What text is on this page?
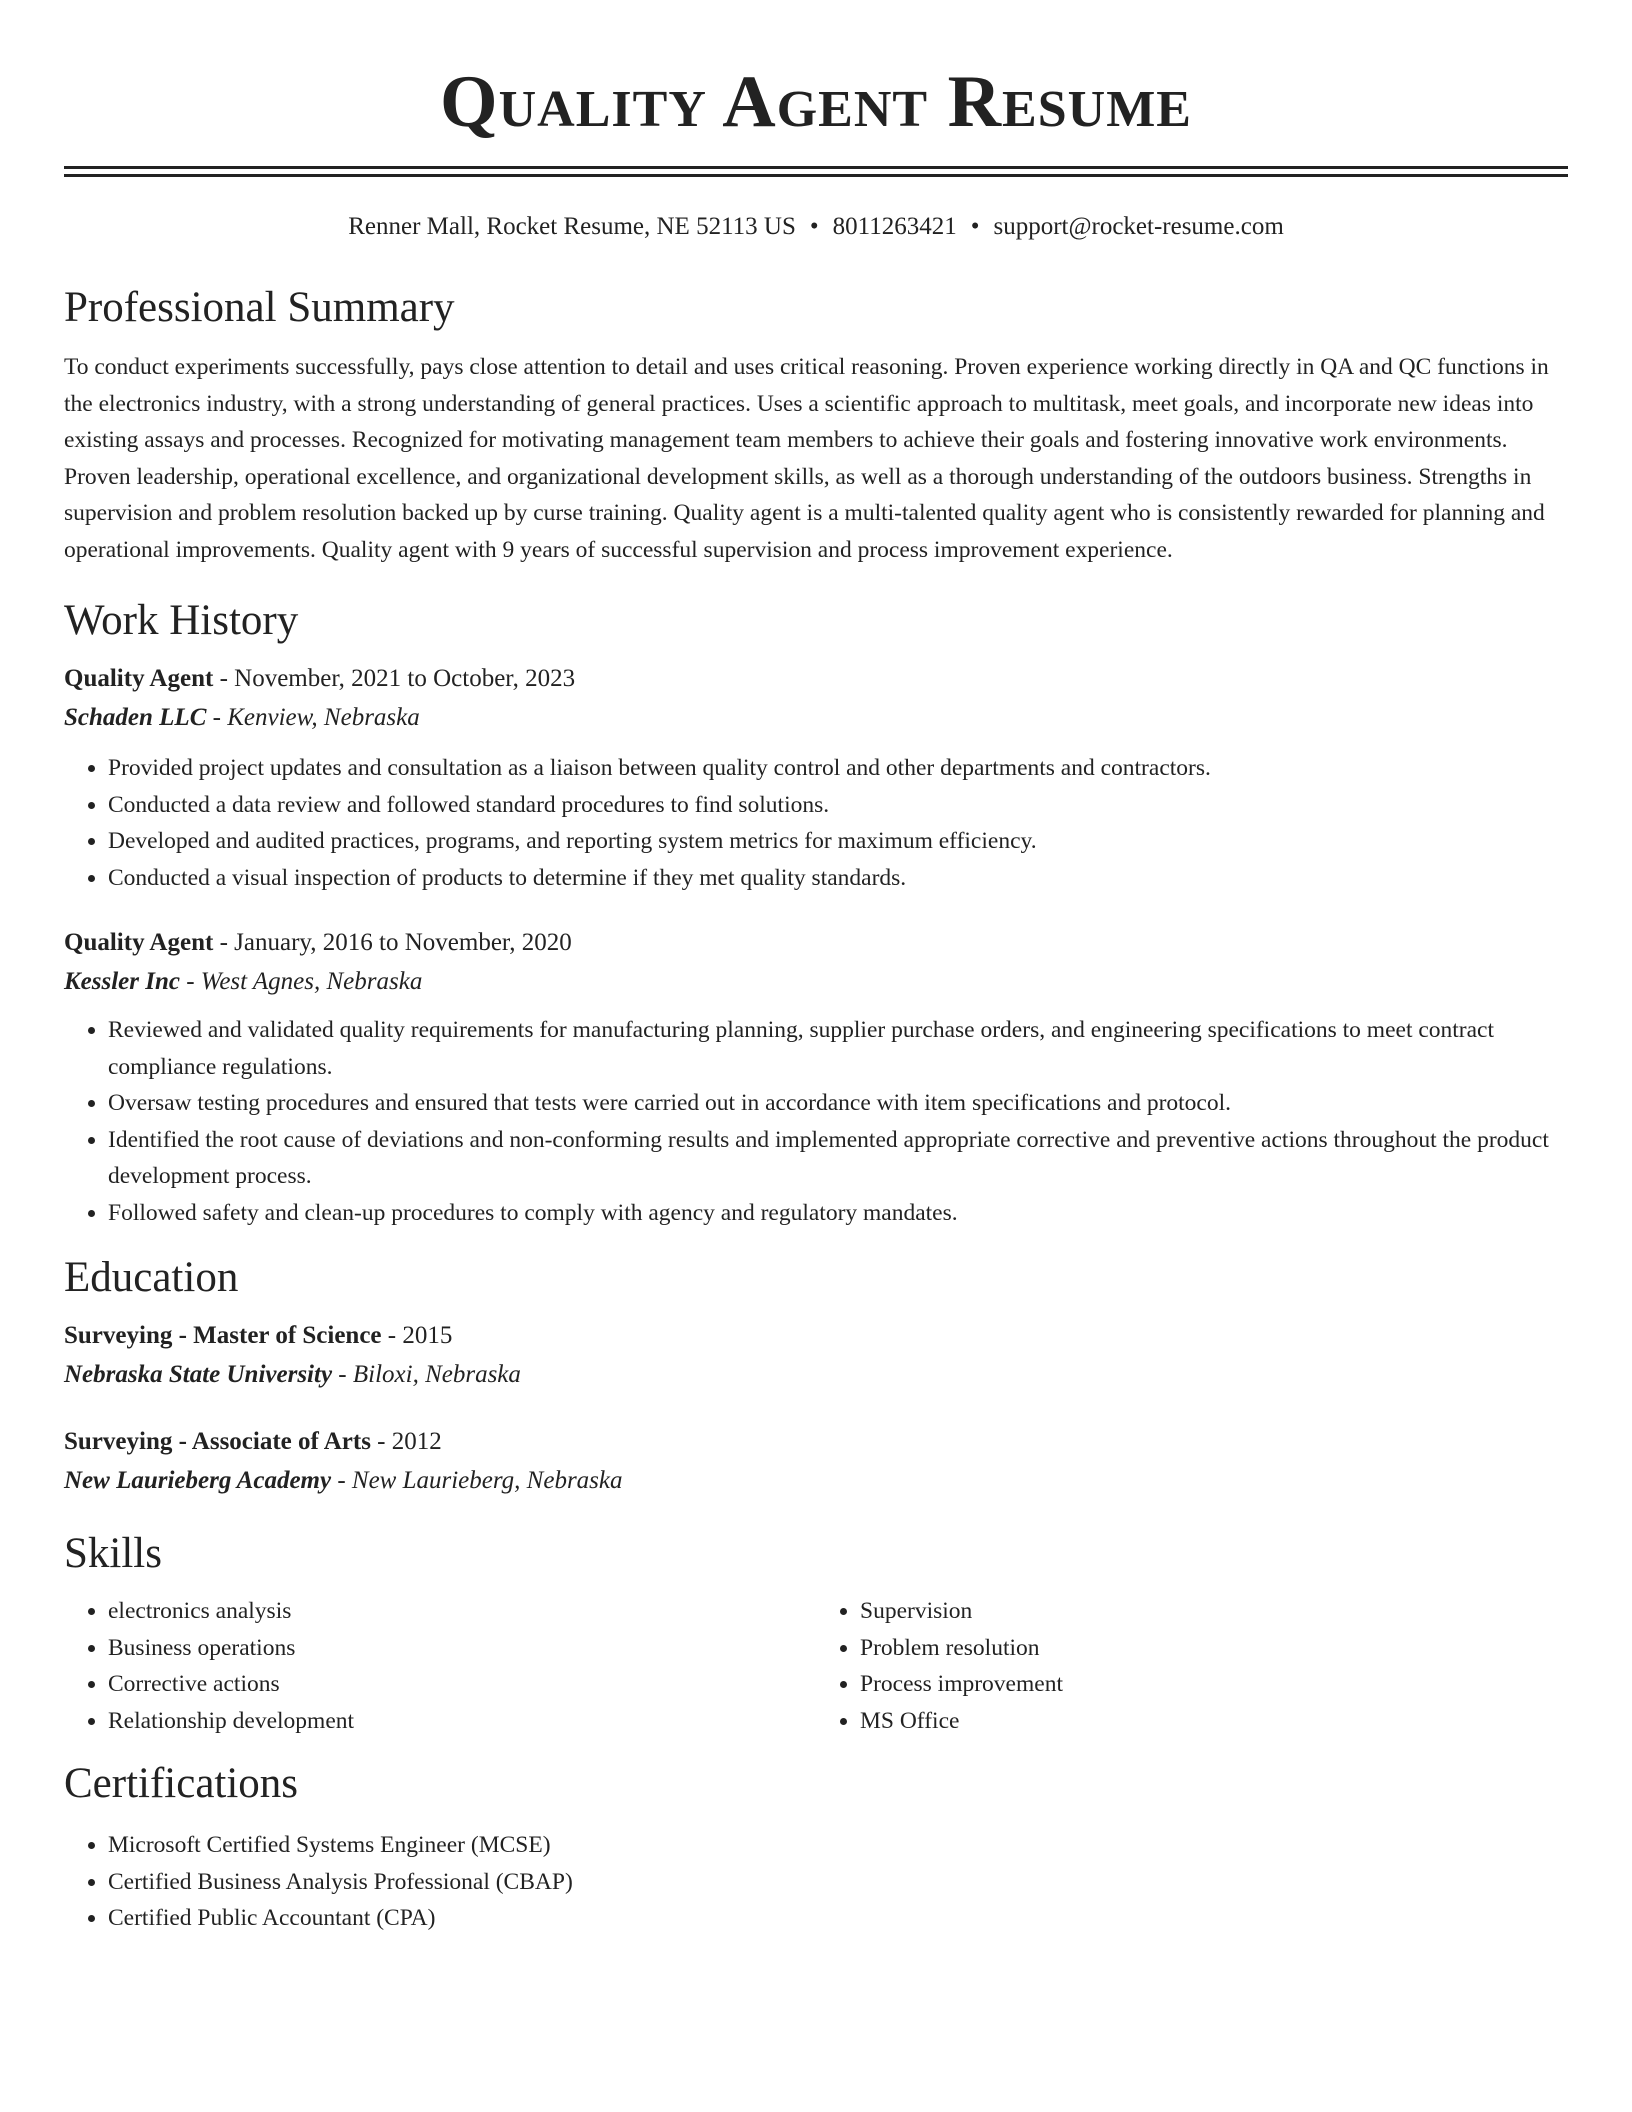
Quality Agent Resume
Renner Mall, Rocket Resume, NE 52113 US • 8011263421 • support@rocket-resume.com
Professional Summary

To conduct experiments successfully, pays close attention to detail and uses critical reasoning. Proven experience working directly in QA and QC functions in the electronics industry, with a strong understanding of general practices. Uses a scientific approach to multitask, meet goals, and incorporate new ideas into existing assays and processes. Recognized for motivating management team members to achieve their goals and fostering innovative work environments. Proven leadership, operational excellence, and organizational development skills, as well as a thorough understanding of the outdoors business. Strengths in supervision and problem resolution backed up by curse training. Quality agent is a multi-talented quality agent who is consistently rewarded for planning and operational improvements. Quality agent with 9 years of successful supervision and process improvement experience.

Work History
Quality Agent - November, 2021 to October, 2023
Schaden LLC - Kenview, Nebraska
• Provided project updates and consultation as a liaison between quality control and other departments and contractors.
• Conducted a data review and followed standard procedures to find solutions.
• Developed and audited practices, programs, and reporting system metrics for maximum efficiency.
• Conducted a visual inspection of products to determine if they met quality standards.
Quality Agent - January, 2016 to November, 2020
Kessler Inc - West Agnes, Nebraska
• Reviewed and validated quality requirements for manufacturing planning, supplier purchase orders, and engineering specifications to meet contract compliance regulations.
• Oversaw testing procedures and ensured that tests were carried out in accordance with item specifications and protocol.
• Identified the root cause of deviations and non-conforming results and implemented appropriate corrective and preventive actions throughout the product development process.
• Followed safety and clean-up procedures to comply with agency and regulatory mandates.
Education
Surveying - Master of Science - 2015
Nebraska State University - Biloxi, Nebraska
Surveying - Associate of Arts - 2012
New Laurieberg Academy - New Laurieberg, Nebraska
Skills
• electronics analysis
• Business operations
• Corrective actions
• Relationship development
• Supervision
• Problem resolution
• Process improvement
• MS Office
Certifications
• Microsoft Certified Systems Engineer (MCSE)
• Certified Business Analysis Professional (CBAP)
• Certified Public Accountant (CPA)
